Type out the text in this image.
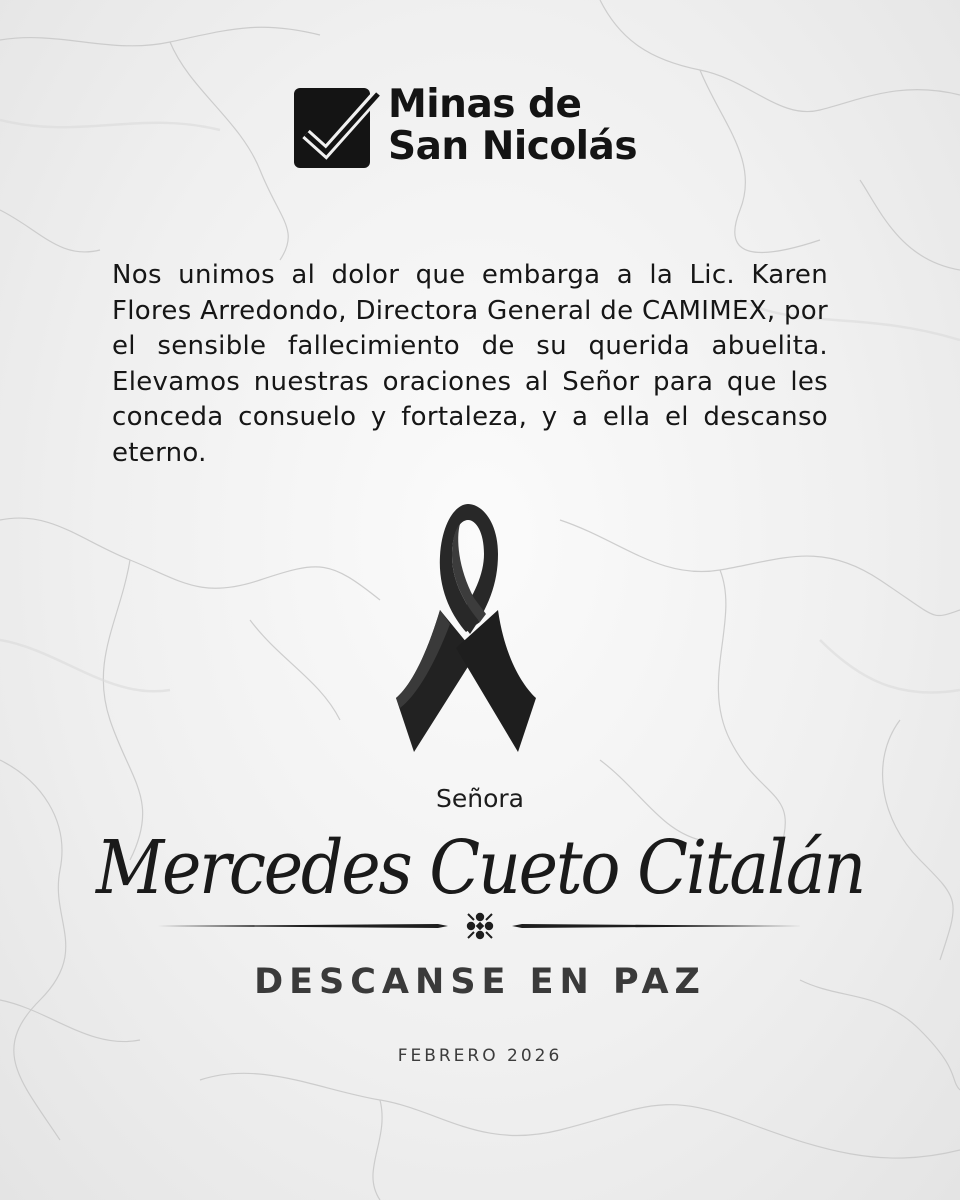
Minas de
San Nicolás

Nos unimos al dolor que embarga a la Lic. Karen Flores Arredondo, Directora General de CAMIMEX, por el sensible fallecimiento de su querida abuelita. Elevamos nuestras oraciones al Señor para que les conceda consuelo y fortaleza, y a ella el descanso eterno.

Señora
Mercedes Cueto Citalán
DESCANSE EN PAZ
FEBRERO 2026
